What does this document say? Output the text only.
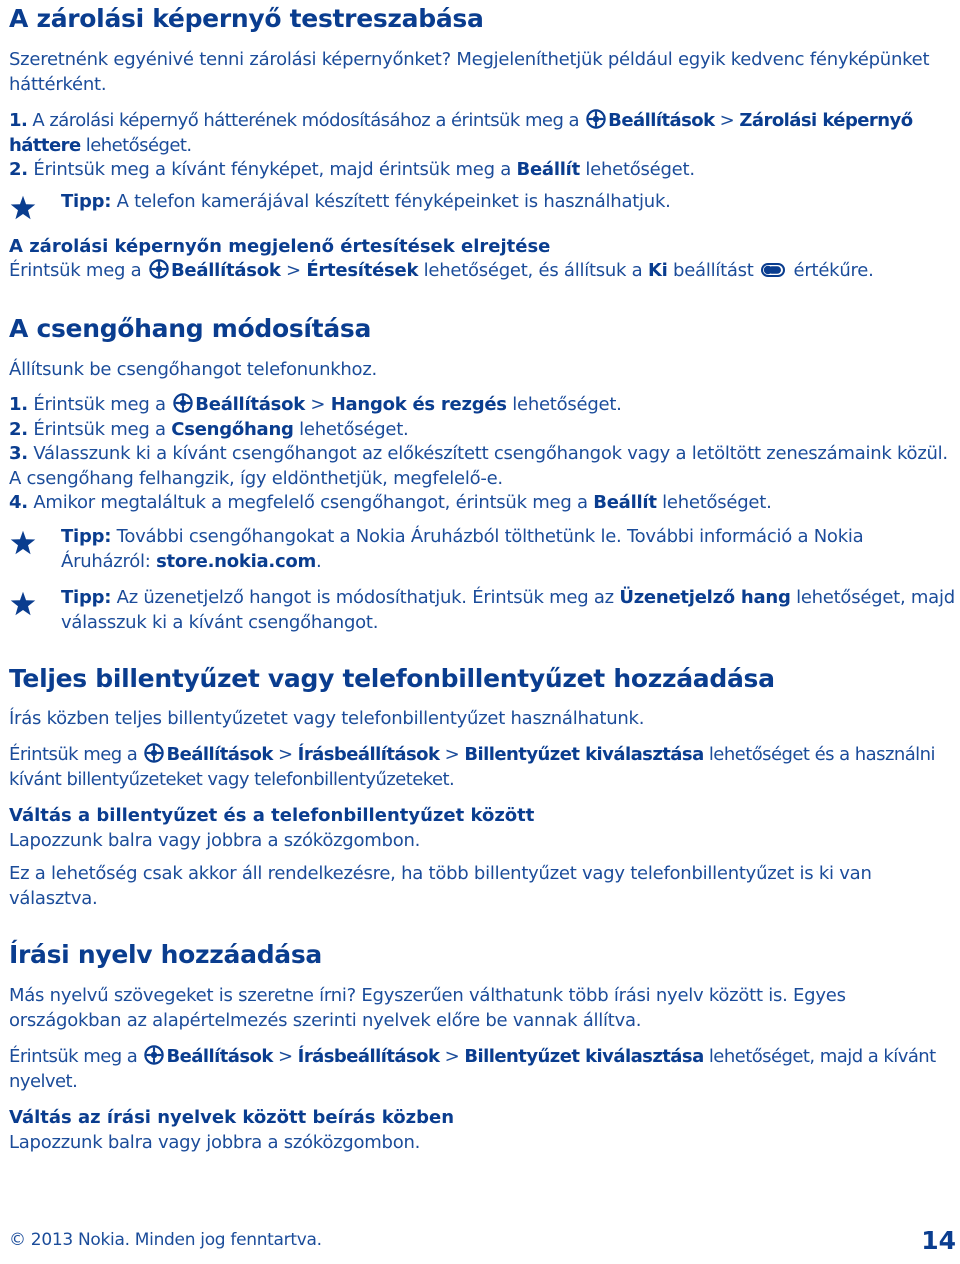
A zárolási képernyő testreszabása

Szeretnénk egyénivé tenni zárolási képernyőnket? Megjeleníthetjük például egyik kedvenc fényképünket háttérként.

1. A zárolási képernyő hátterének módosításához a érintsük meg a Beállítások > Zárolási képernyő háttere lehetőséget.

2. Érintsük meg a kívánt fényképet, majd érintsük meg a Beállít lehetőséget.

Tipp: A telefon kamerájával készített fényképeinket is használhatjuk.

A zárolási képernyőn megjelenő értesítések elrejtése

Érintsük meg a Beállítások > Értesítések lehetőséget, és állítsuk a Ki beállítást  értékűre.

A csengőhang módosítása

Állítsunk be csengőhangot telefonunkhoz.

1. Érintsük meg a Beállítások > Hangok és rezgés lehetőséget.

2. Érintsük meg a Csengőhang lehetőséget.

3. Válasszunk ki a kívánt csengőhangot az előkészített csengőhangok vagy a letöltött zeneszámaink közül. A csengőhang felhangzik, így eldönthetjük, megfelelő-e.

4. Amikor megtaláltuk a megfelelő csengőhangot, érintsük meg a Beállít lehetőséget.

Tipp: További csengőhangokat a Nokia Áruházból tölthetünk le. További információ a Nokia Áruházról: store.nokia.com.

Tipp: Az üzenetjelző hangot is módosíthatjuk. Érintsük meg az Üzenetjelző hang lehetőséget, majd válasszuk ki a kívánt csengőhangot.

Teljes billentyűzet vagy telefonbillentyűzet hozzáadása

Írás közben teljes billentyűzetet vagy telefonbillentyűzet használhatunk.

Érintsük meg a Beállítások > Írásbeállítások > Billentyűzet kiválasztása lehetőséget és a használni kívánt billentyűzeteket vagy telefonbillentyűzeteket.

Váltás a billentyűzet és a telefonbillentyűzet között

Lapozzunk balra vagy jobbra a szóközgombon.

Ez a lehetőség csak akkor áll rendelkezésre, ha több billentyűzet vagy telefonbillentyűzet is ki van választva.

Írási nyelv hozzáadása

Más nyelvű szövegeket is szeretne írni? Egyszerűen válthatunk több írási nyelv között is. Egyes országokban az alapértelmezés szerinti nyelvek előre be vannak állítva.

Érintsük meg a Beállítások > Írásbeállítások > Billentyűzet kiválasztása lehetőséget, majd a kívánt nyelvet.

Váltás az írási nyelvek között beírás közben

Lapozzunk balra vagy jobbra a szóközgombon.

© 2013 Nokia. Minden jog fenntartva.	14
